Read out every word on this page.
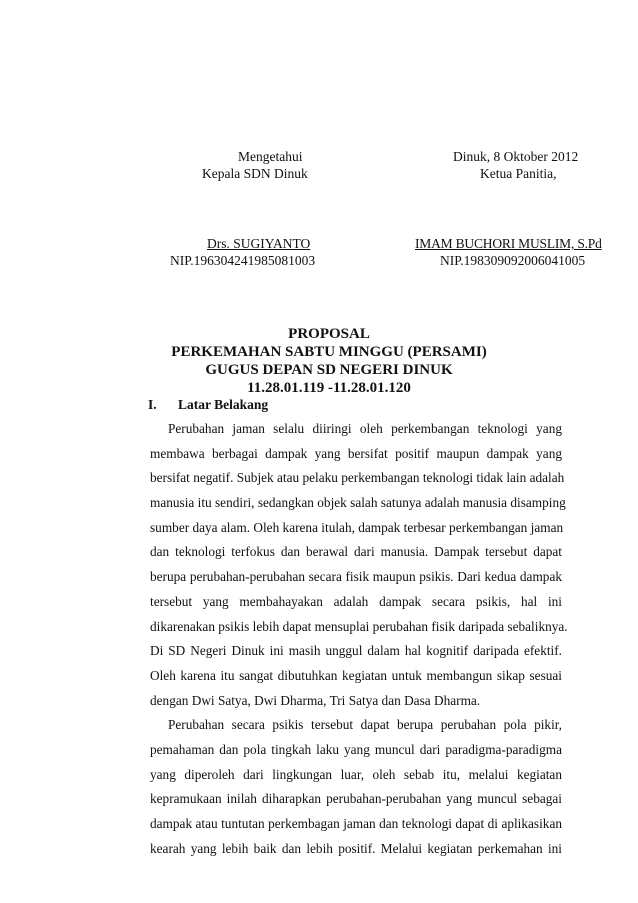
Mengetahui
Kepala SDN Dinuk
Drs. SUGIYANTO
NIP.196304241985081003
Dinuk, 8 Oktober 2012
Ketua Panitia,
IMAM BUCHORI MUSLIM, S.Pd
NIP.198309092006041005
PROPOSAL
PERKEMAHAN SABTU MINGGU (PERSAMI)
GUGUS DEPAN SD NEGERI DINUK
11.28.01.119 -11.28.01.120
I. Latar Belakang
Perubahan jaman selalu diiringi oleh perkembangan teknologi yang
membawa berbagai dampak yang bersifat positif maupun dampak yang
bersifat negatif. Subjek atau pelaku perkembangan teknologi tidak lain adalah
manusia itu sendiri, sedangkan objek salah satunya adalah manusia disamping
sumber daya alam. Oleh karena itulah, dampak terbesar perkembangan jaman
dan teknologi terfokus dan berawal dari manusia. Dampak tersebut dapat
berupa perubahan-perubahan secara fisik maupun psikis. Dari kedua dampak
tersebut yang membahayakan adalah dampak secara psikis, hal ini
dikarenakan psikis lebih dapat mensuplai perubahan fisik daripada sebaliknya.
Di SD Negeri Dinuk ini masih unggul dalam hal kognitif daripada efektif.
Oleh karena itu sangat dibutuhkan kegiatan untuk membangun sikap sesuai
dengan Dwi Satya, Dwi Dharma, Tri Satya dan Dasa Dharma.
Perubahan secara psikis tersebut dapat berupa perubahan pola pikir,
pemahaman dan pola tingkah laku yang muncul dari paradigma-paradigma
yang diperoleh dari lingkungan luar, oleh sebab itu, melalui kegiatan
kepramukaan inilah diharapkan perubahan-perubahan yang muncul sebagai
dampak atau tuntutan perkembagan jaman dan teknologi dapat di aplikasikan
kearah yang lebih baik dan lebih positif. Melalui kegiatan perkemahan ini
